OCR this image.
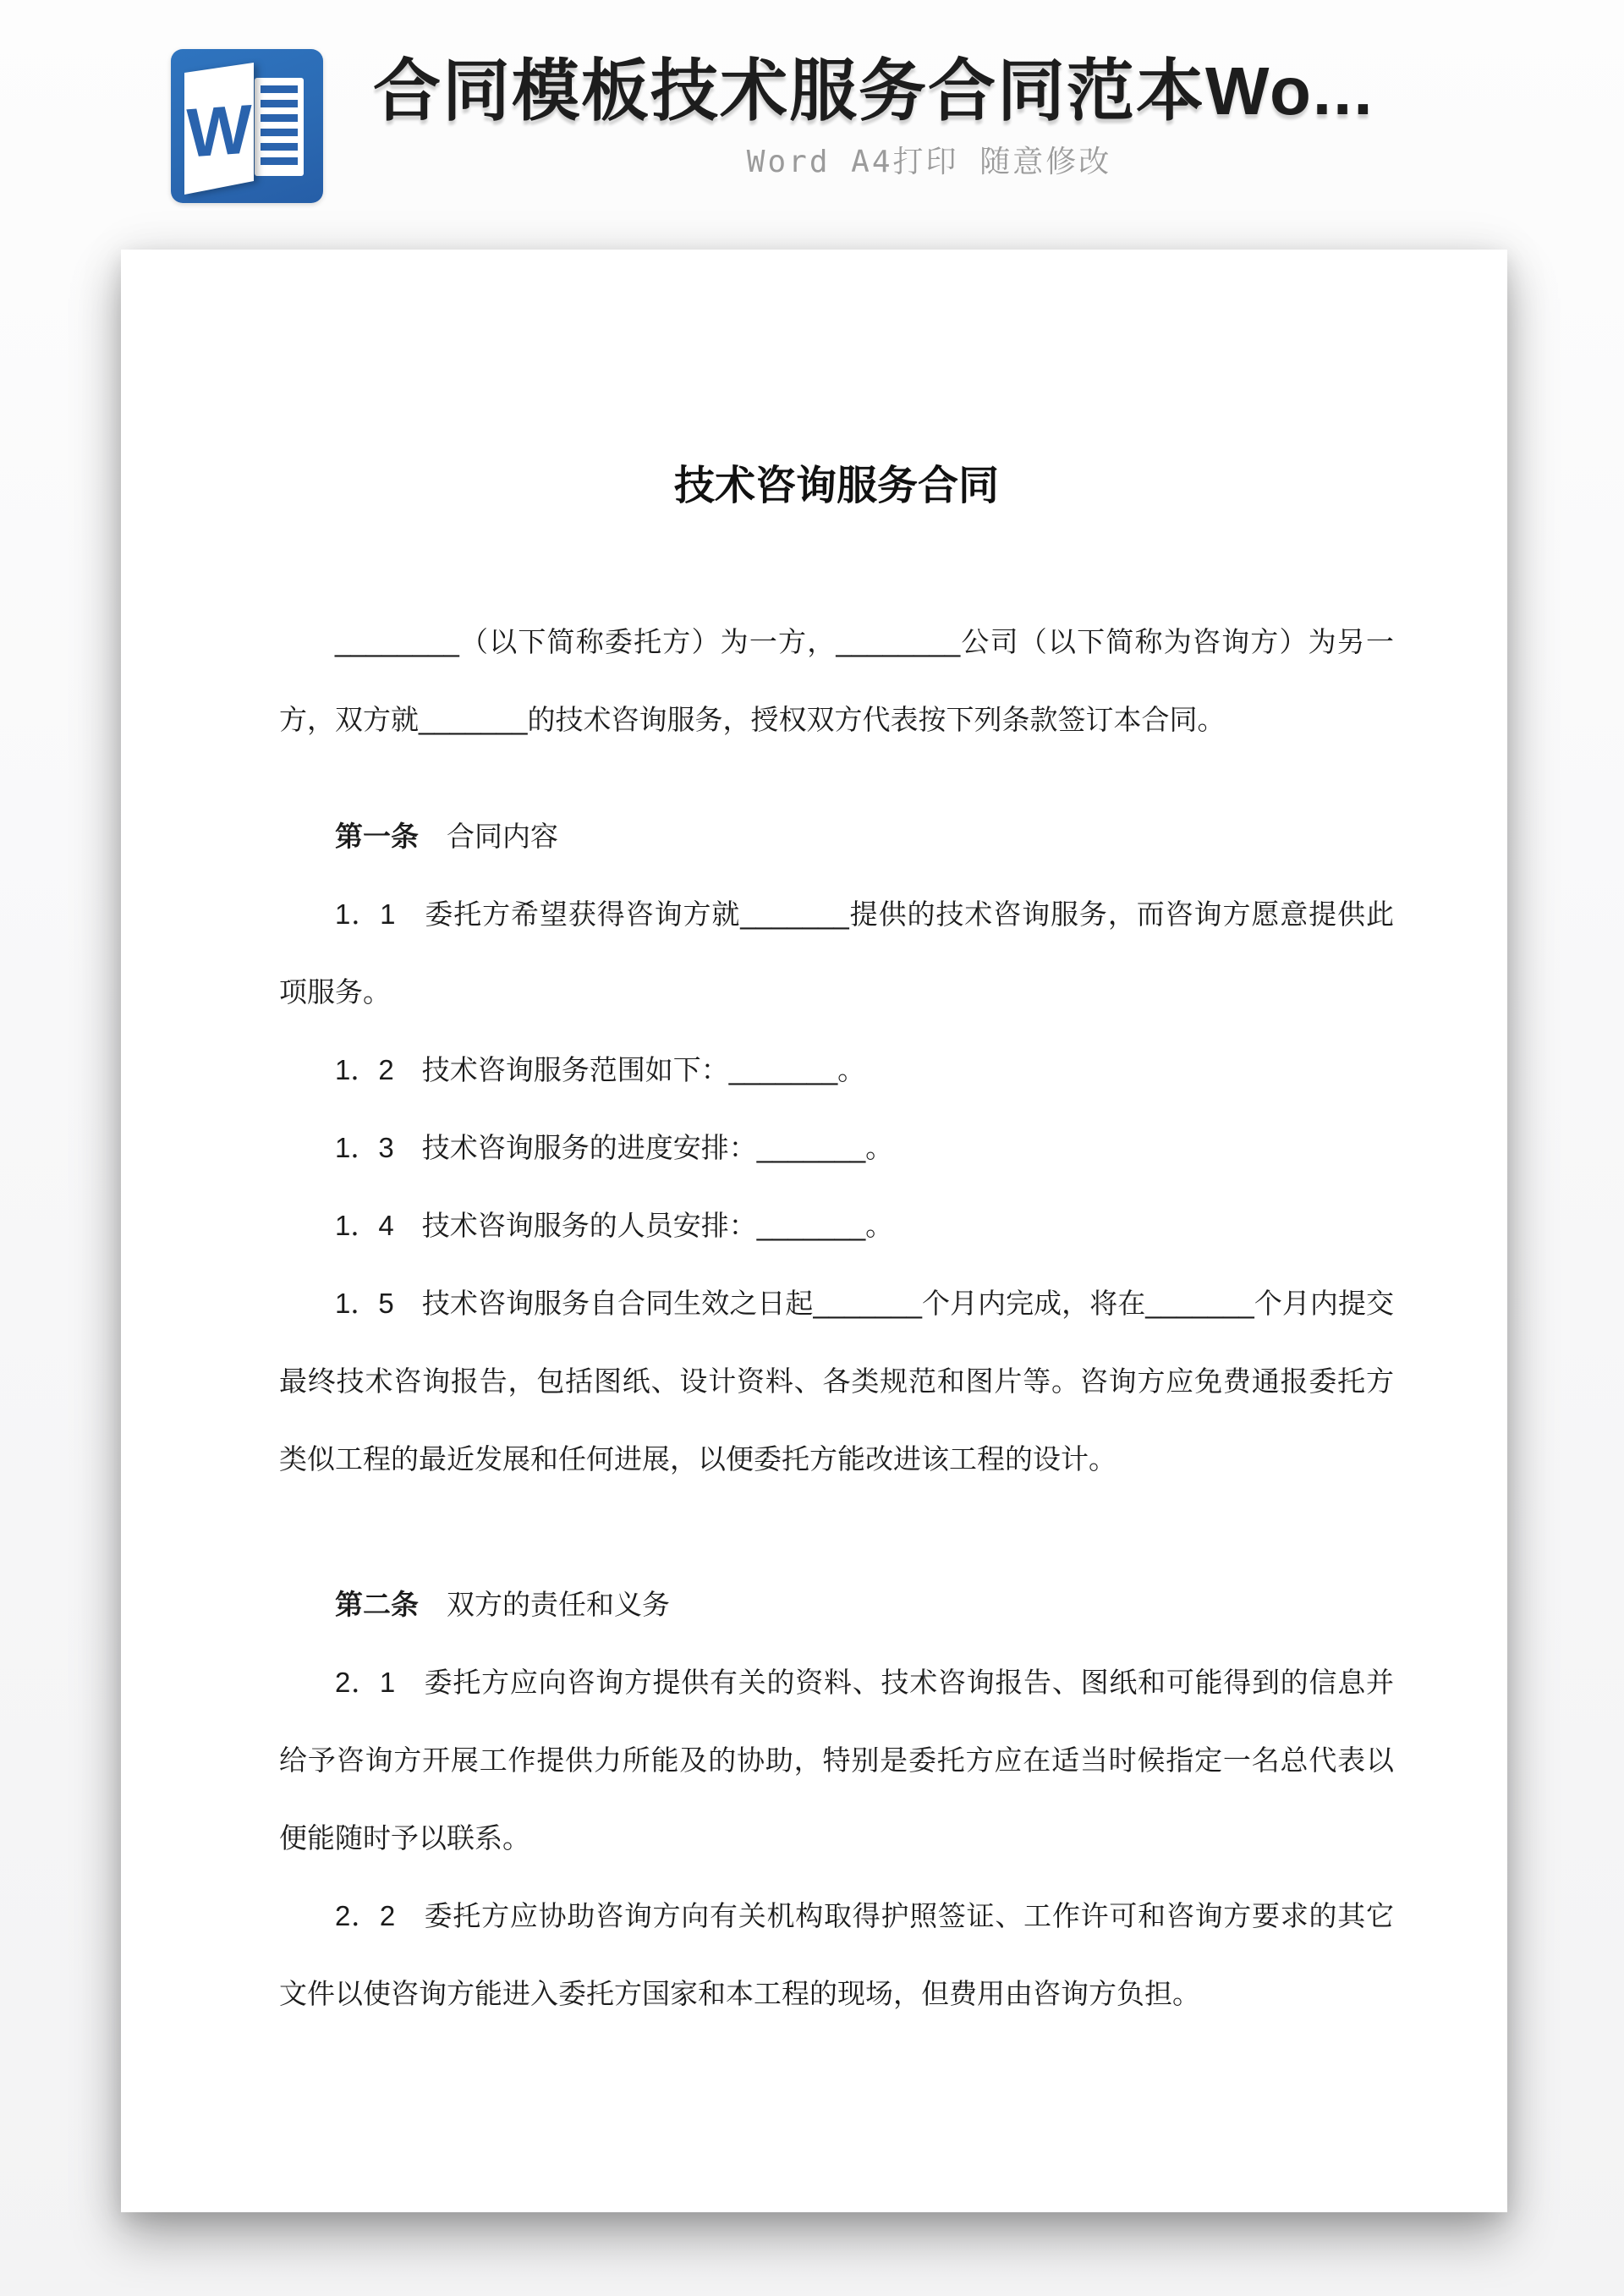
W 合同模板技术服务合同范本Wo...
Word A4打印 随意修改
技术咨询服务合同

________（以下简称委托方）为一方，________公司（以下简称为咨询方）为另一方，双方就_______的技术咨询服务，授权双方代表按下列条款签订本合同。

第一条　合同内容

1．1　委托方希望获得咨询方就_______提供的技术咨询服务，而咨询方愿意提供此项服务。

1．2　技术咨询服务范围如下：_______。

1．3　技术咨询服务的进度安排：_______。

1．4　技术咨询服务的人员安排：_______。

1．5　技术咨询服务自合同生效之日起_______个月内完成，将在_______个月内提交最终技术咨询报告，包括图纸、设计资料、各类规范和图片等。咨询方应免费通报委托方类似工程的最近发展和任何进展，以便委托方能改进该工程的设计。

第二条　双方的责任和义务

2．1　委托方应向咨询方提供有关的资料、技术咨询报告、图纸和可能得到的信息并给予咨询方开展工作提供力所能及的协助，特别是委托方应在适当时候指定一名总代表以便能随时予以联系。

2．2　委托方应协助咨询方向有关机构取得护照签证、工作许可和咨询方要求的其它文件以使咨询方能进入委托方国家和本工程的现场，但费用由咨询方负担。
